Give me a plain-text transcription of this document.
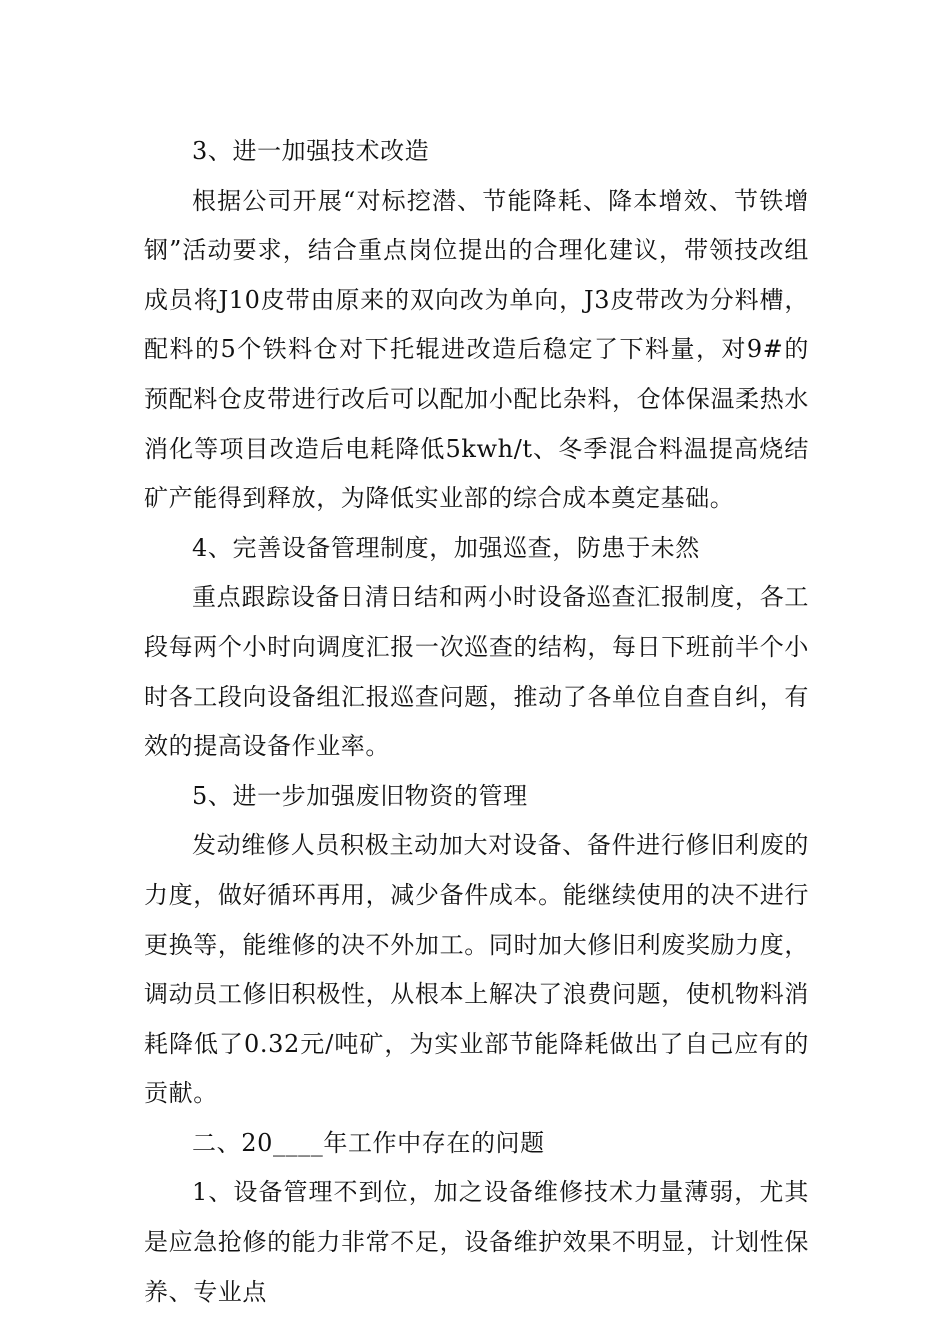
3、进一加强技术改造

根据公司开展“对标挖潜、节能降耗、降本增效、节铁增钢”活动要求，结合重点岗位提出的合理化建议，带领技改组成员将J10皮带由原来的双向改为单向，J3皮带改为分料槽，配料的5个铁料仓对下托辊进改造后稳定了下料量，对9#的预配料仓皮带进行改后可以配加小配比杂料，仓体保温柔热水消化等项目改造后电耗降低5kwh/t、冬季混合料温提高烧结矿产能得到释放，为降低实业部的综合成本奠定基础。

4、完善设备管理制度，加强巡查，防患于未然

重点跟踪设备日清日结和两小时设备巡查汇报制度，各工段每两个小时向调度汇报一次巡查的结构，每日下班前半个小时各工段向设备组汇报巡查问题，推动了各单位自查自纠，有效的提高设备作业率。

5、进一步加强废旧物资的管理

发动维修人员积极主动加大对设备、备件进行修旧利废的力度，做好循环再用，减少备件成本。能继续使用的决不进行更换等，能维修的决不外加工。同时加大修旧利废奖励力度，调动员工修旧积极性，从根本上解决了浪费问题，使机物料消耗降低了0.32元/吨矿，为实业部节能降耗做出了自己应有的贡献。

二、20____年工作中存在的问题

1、设备管理不到位，加之设备维修技术力量薄弱，尤其是应急抢修的能力非常不足，设备维护效果不明显，计划性保养、专业点
